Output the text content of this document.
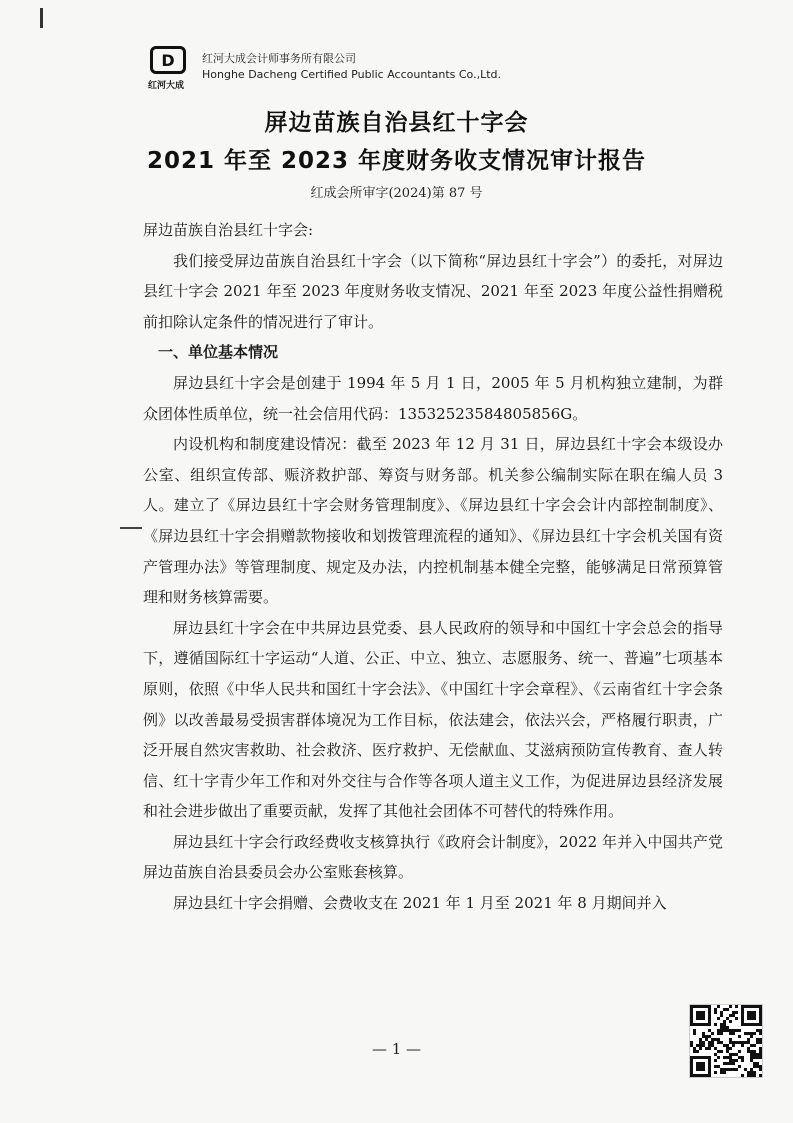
D
红河大成
红河大成会计师事务所有限公司
Honghe Dacheng Certified Public Accountants Co.,Ltd.
屏边苗族自治县红十字会
2021 年至 2023 年度财务收支情况审计报告
红成会所审字(2024)第 87 号

屏边苗族自治县红十字会:

我们接受屏边苗族自治县红十字会（以下简称“屏边县红十字会”）的委托，对屏边县红十字会 2021 年至 2023 年度财务收支情况、2021 年至 2023 年度公益性捐赠税前扣除认定条件的情况进行了审计。

一、单位基本情况

屏边县红十字会是创建于 1994 年 5 月 1 日，2005 年 5 月机构独立建制，为群众团体性质单位，统一社会信用代码：13532523584805856G。

内设机构和制度建设情况：截至 2023 年 12 月 31 日，屏边县红十字会本级设办公室、组织宣传部、赈济救护部、筹资与财务部。机关参公编制实际在职在编人员 3 人。建立了《屏边县红十字会财务管理制度》、《屏边县红十字会会计内部控制制度》、《屏边县红十字会捐赠款物接收和划拨管理流程的通知》、《屏边县红十字会机关国有资产管理办法》等管理制度、规定及办法，内控机制基本健全完整，能够满足日常预算管理和财务核算需要。

屏边县红十字会在中共屏边县党委、县人民政府的领导和中国红十字会总会的指导下，遵循国际红十字运动“人道、公正、中立、独立、志愿服务、统一、普遍”七项基本原则，依照《中华人民共和国红十字会法》、《中国红十字会章程》、《云南省红十字会条例》以改善最易受损害群体境况为工作目标，依法建会，依法兴会，严格履行职责，广泛开展自然灾害救助、社会救济、医疗救护、无偿献血、艾滋病预防宣传教育、查人转信、红十字青少年工作和对外交往与合作等各项人道主义工作，为促进屏边县经济发展和社会进步做出了重要贡献，发挥了其他社会团体不可替代的特殊作用。

屏边县红十字会行政经费收支核算执行《政府会计制度》，2022 年并入中国共产党屏边苗族自治县委员会办公室账套核算。

屏边县红十字会捐赠、会费收支在 2021 年 1 月至 2021 年 8 月期间并入

— 1 —
